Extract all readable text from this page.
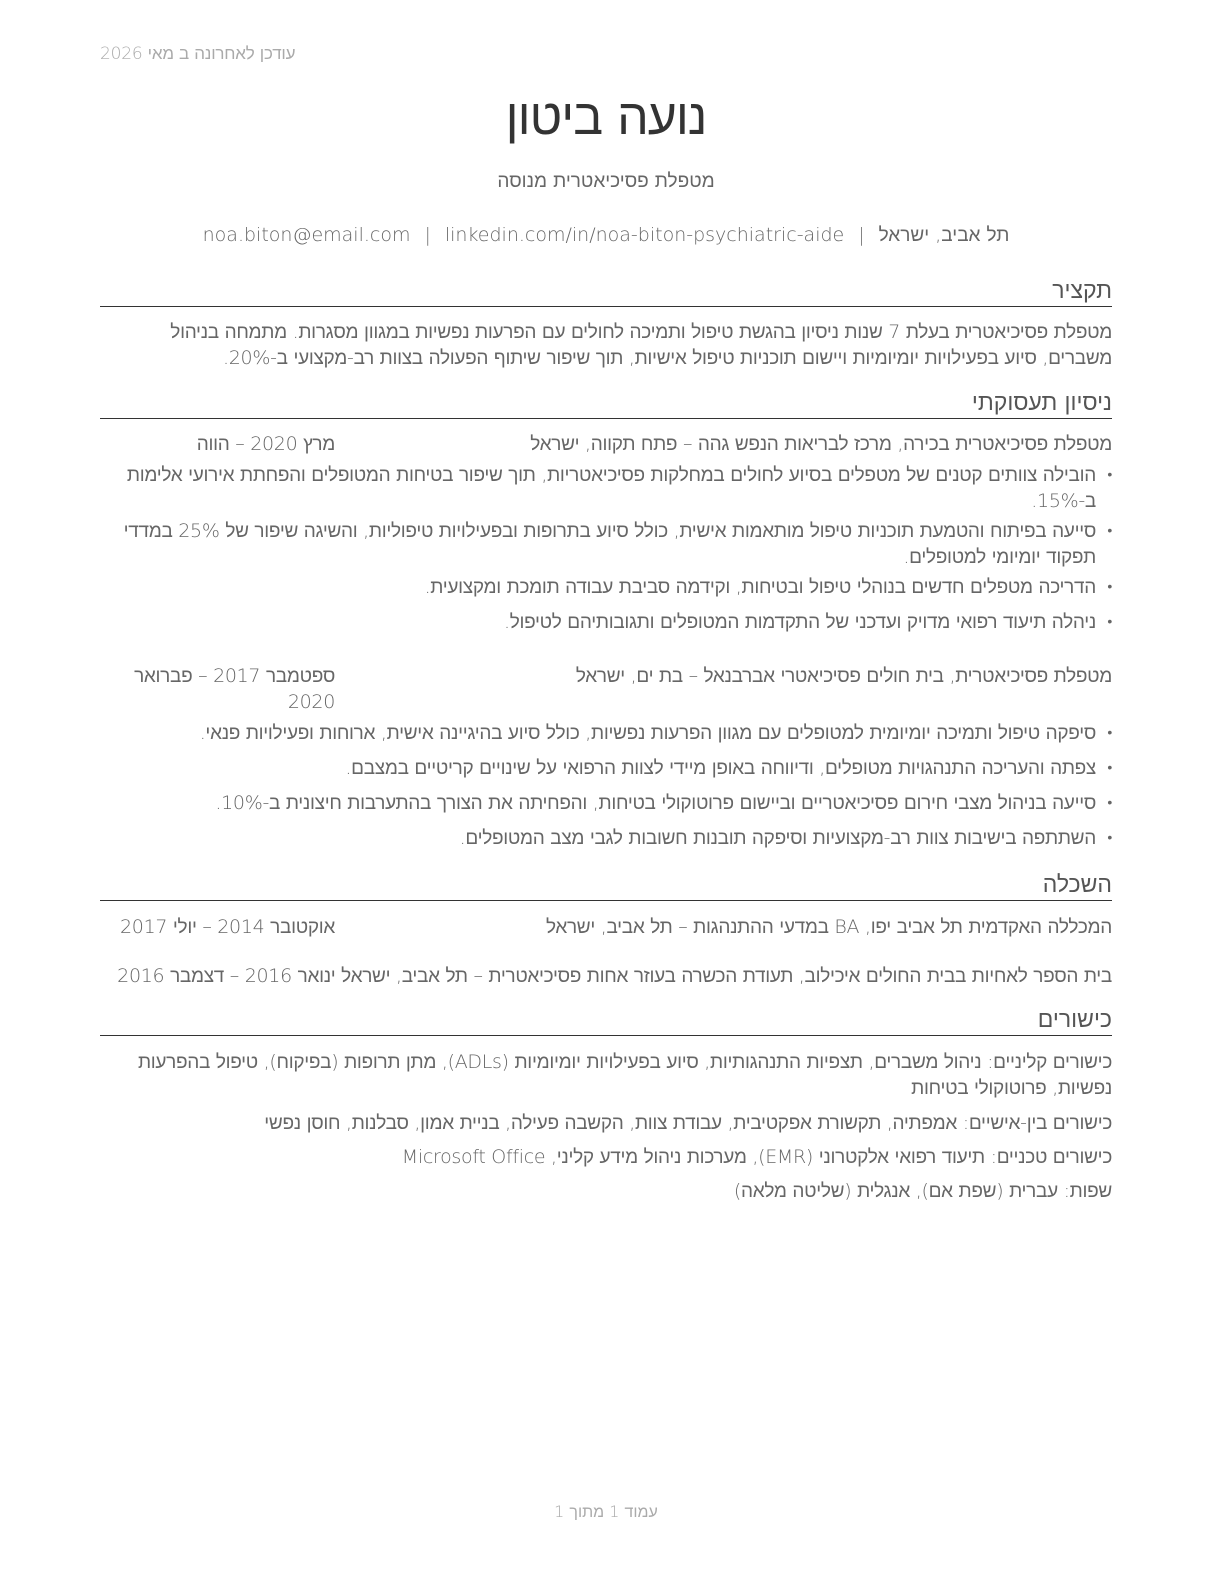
עודכן לאחרונה ב מאי 2026
נועה ביטון
מטפלת פסיכיאטרית מנוסה
תל אביב, ישראל|noa.biton@email.com | linkedin.com/in/noa-biton-psychiatric-aide
תקציר
מטפלת פסיכיאטרית בעלת 7 שנות ניסיון בהגשת טיפול ותמיכה לחולים עם הפרעות נפשיות במגוון מסגרות. מתמחה בניהול משברים, סיוע בפעילויות יומיומיות ויישום תוכניות טיפול אישיות, תוך שיפור שיתוף הפעולה בצוות רב-מקצועי ב-20%.
ניסיון תעסוקתי
מטפלת פסיכיאטרית בכירה, מרכז לבריאות הנפש גהה – פתח תקווה, ישראל
מרץ 2020 – הווה
• הובילה צוותים קטנים של מטפלים בסיוע לחולים במחלקות פסיכיאטריות, תוך שיפור בטיחות המטופלים והפחתת אירועי אלימות ב-15%.
• סייעה בפיתוח והטמעת תוכניות טיפול מותאמות אישית, כולל סיוע בתרופות ובפעילויות טיפוליות, והשיגה שיפור של 25% במדדי תפקוד יומיומי למטופלים.
• הדריכה מטפלים חדשים בנוהלי טיפול ובטיחות, וקידמה סביבת עבודה תומכת ומקצועית.
• ניהלה תיעוד רפואי מדויק ועדכני של התקדמות המטופלים ותגובותיהם לטיפול.
מטפלת פסיכיאטרית, בית חולים פסיכיאטרי אברבנאל – בת ים, ישראל
ספטמבר 2017 – פברואר 2020
• סיפקה טיפול ותמיכה יומיומית למטופלים עם מגוון הפרעות נפשיות, כולל סיוע בהיגיינה אישית, ארוחות ופעילויות פנאי.
• צפתה והעריכה התנהגויות מטופלים, ודיווחה באופן מיידי לצוות הרפואי על שינויים קריטיים במצבם.
• סייעה בניהול מצבי חירום פסיכיאטריים וביישום פרוטוקולי בטיחות, והפחיתה את הצורך בהתערבות חיצונית ב-10%.
• השתתפה בישיבות צוות רב-מקצועיות וסיפקה תובנות חשובות לגבי מצב המטופלים.
השכלה
המכללה האקדמית תל אביב יפו, BA במדעי ההתנהגות – תל אביב, ישראל
אוקטובר 2014 – יולי 2017
בית הספר לאחיות בבית החולים איכילוב, תעודת הכשרה בעוזר אחות פסיכיאטרית – תל אביב, ישראל ינואר 2016 – דצמבר 2016
כישורים
כישורים קליניים: ניהול משברים, תצפיות התנהגותיות, סיוע בפעילויות יומיומיות (ADLs), מתן תרופות (בפיקוח), טיפול בהפרעות נפשיות, פרוטוקולי בטיחות
כישורים בין-אישיים: אמפתיה, תקשורת אפקטיבית, עבודת צוות, הקשבה פעילה, בניית אמון, סבלנות, חוסן נפשי
כישורים טכניים: תיעוד רפואי אלקטרוני (EMR), מערכות ניהול מידע קליני, Microsoft Office
שפות: עברית (שפת אם), אנגלית (שליטה מלאה)
עמוד 1 מתוך 1
